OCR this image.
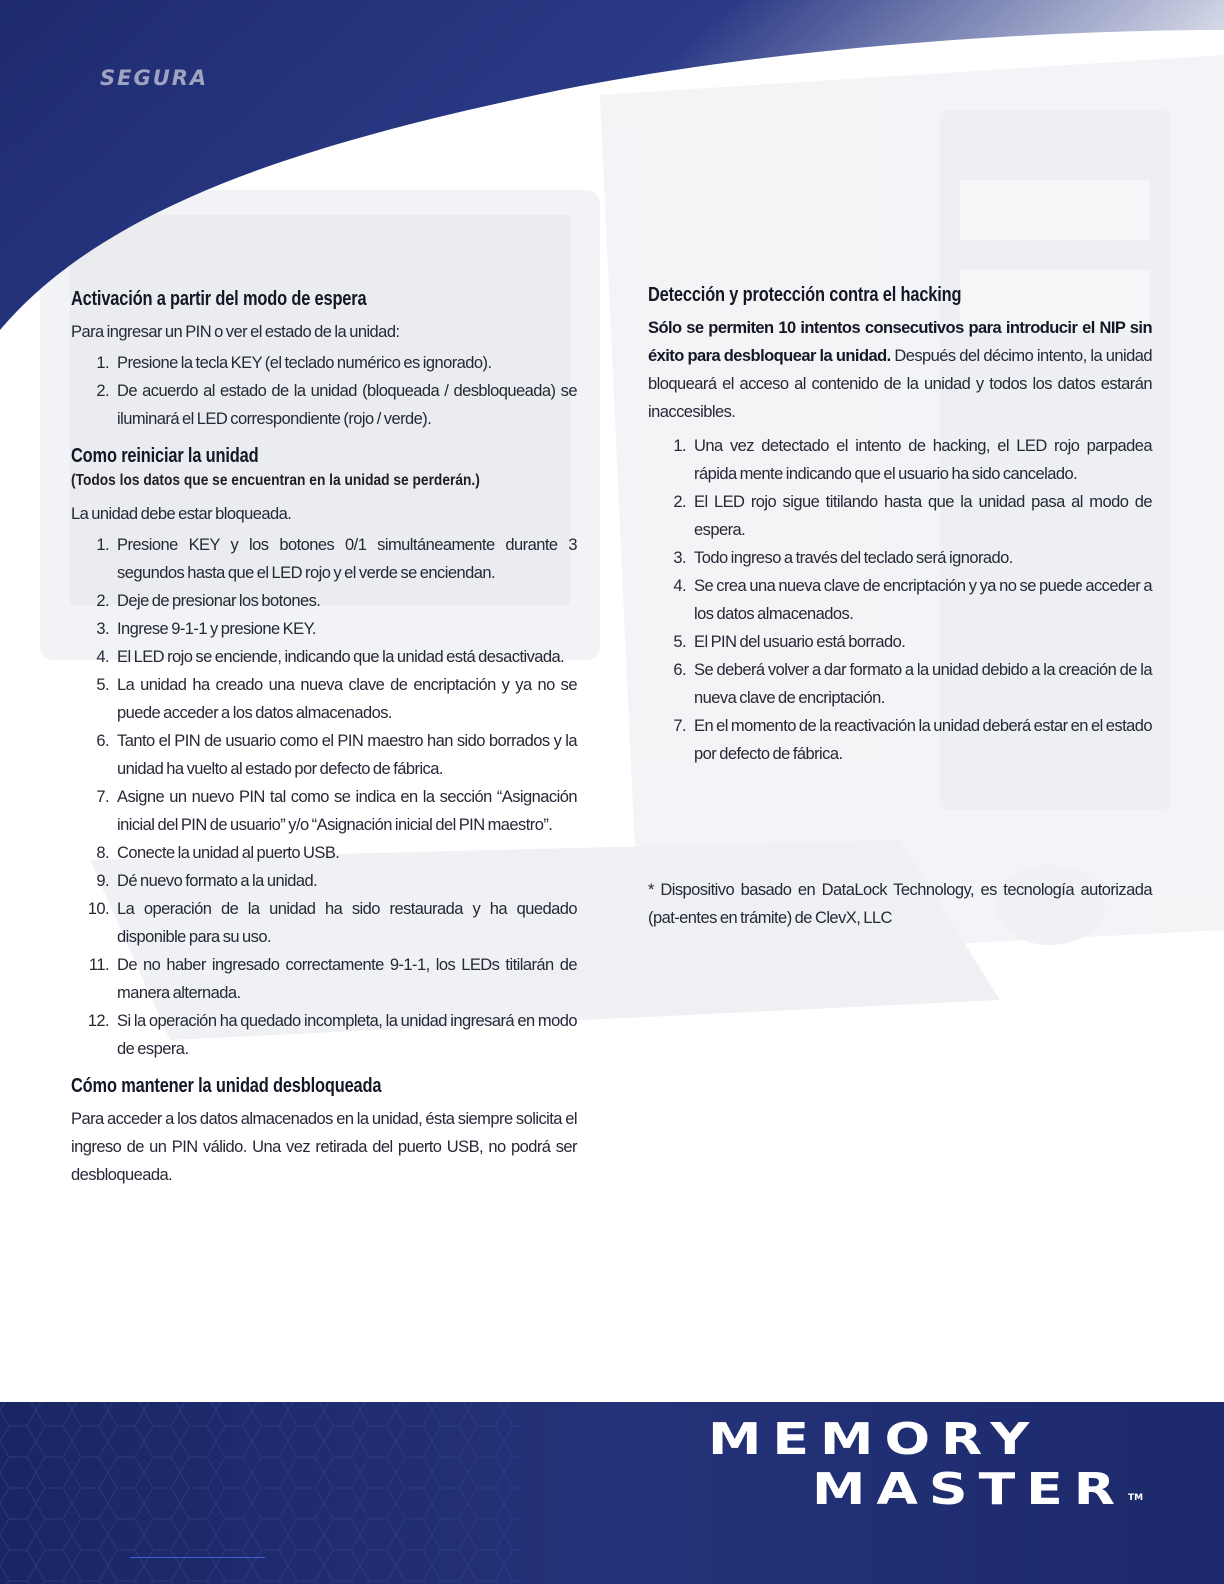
SEGURA
Activación a partir del modo de espera

Para ingresar un PIN o ver el estado de la unidad:

1. Presione la tecla KEY (el teclado numérico es ignorado).
2. De acuerdo al estado de la unidad (bloqueada / desbloqueada) se iluminará el LED correspondiente (rojo / verde).
Como reiniciar la unidad
(Todos los datos que se encuentran en la unidad se perderán.)

La unidad debe estar bloqueada.

1. Presione KEY y los botones 0/1 simultáneamente durante 3 segundos hasta que el LED rojo y el verde se enciendan.
2. Deje de presionar los botones.
3. Ingrese 9-1-1 y presione KEY.
4. El LED rojo se enciende, indicando que la unidad está desactivada.
5. La unidad ha creado una nueva clave de encriptación y ya no se puede acceder a los datos almacenados.
6. Tanto el PIN de usuario como el PIN maestro han sido borrados y la unidad ha vuelto al estado por defecto de fábrica.
7. Asigne un nuevo PIN tal como se indica en la sección “Asignación inicial del PIN de usuario” y/o “Asignación inicial del PIN maestro”.
8. Conecte la unidad al puerto USB.
9. Dé nuevo formato a la unidad.
10. La operación de la unidad ha sido restaurada y ha quedado disponible para su uso.
11. De no haber ingresado correctamente 9-1-1, los LEDs titilarán de manera alternada.
12. Si la operación ha quedado incompleta, la unidad ingresará en modo de espera.
Cómo mantener la unidad desbloqueada

Para acceder a los datos almacenados en la unidad, ésta siempre solicita el ingreso de un PIN válido. Una vez retirada del puerto USB, no podrá ser desbloqueada.

Detección y protección contra el hacking

Sólo se permiten 10 intentos consecutivos para introducir el NIP sin éxito para desbloquear la unidad. Después del décimo intento, la unidad bloqueará el acceso al contenido de la unidad y todos los datos estarán inaccesibles.

1. Una vez detectado el intento de hacking, el LED rojo parpadea rápida mente indicando que el usuario ha sido cancelado.
2. El LED rojo sigue titilando hasta que la unidad pasa al modo de espera.
3. Todo ingreso a través del teclado será ignorado.
4. Se crea una nueva clave de encriptación y ya no se puede acceder a los datos almacenados.
5. El PIN del usuario está borrado.
6. Se deberá volver a dar formato a la unidad debido a la creación de la nueva clave de encriptación.
7. En el momento de la reactivación la unidad deberá estar en el estado por defecto de fábrica.

* Dispositivo basado en DataLock Technology, es tecnología autorizada (pat-entes en trámite) de ClevX, LLC

MEMORY
MASTER TM
